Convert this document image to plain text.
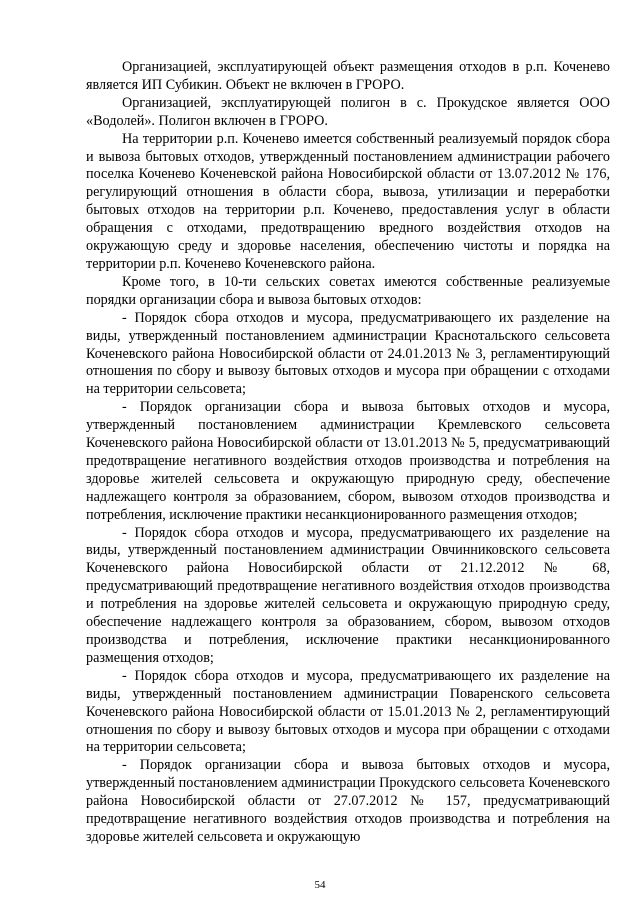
Организацией, эксплуатирующей объект размещения отходов в р.п. Коченево является ИП Субикин. Объект не включен в ГРОРО.

Организацией, эксплуатирующей полигон в с. Прокудское является ООО «Водолей». Полигон включен в ГРОРО.

На территории р.п. Коченево имеется собственный реализуемый порядок сбора и вывоза бытовых отходов, утвержденный постановлением администрации рабочего поселка Коченево Коченевской района Новосибирской области от 13.07.2012 № 176, регулирующий отношения в области сбора, вывоза, утилизации и переработки бытовых отходов на территории р.п. Коченево, предоставления услуг в области обращения с отходами, предотвращению вредного воздействия отходов на окружающую среду и здоровье населения, обеспечению чистоты и порядка на территории р.п. Коченево Коченевского района.

Кроме того, в 10-ти сельских советах имеются собственные реализуемые порядки организации сбора и вывоза бытовых отходов:

- Порядок сбора отходов и мусора, предусматривающего их разделение на виды, утвержденный постановлением администрации Краснотальского сельсовета Коченевского района Новосибирской области от 24.01.2013 № 3, регламентирующий отношения по сбору и вывозу бытовых отходов и мусора при обращении с отходами на территории сельсовета;

- Порядок организации сбора и вывоза бытовых отходов и мусора, утвержденный постановлением администрации Кремлевского сельсовета Коченевского района Новосибирской области от 13.01.2013 № 5, предусматривающий предотвращение негативного воздействия отходов производства и потребления на здоровье жителей сельсовета и окружающую природную среду, обеспечение надлежащего контроля за образованием, сбором, вывозом отходов производства и потребления, исключение практики несанкционированного размещения отходов;

- Порядок сбора отходов и мусора, предусматривающего их разделение на виды, утвержденный постановлением администрации Овчинниковского сельсовета Коченевского района Новосибирской области от 21.12.2012 № 68, предусматривающий предотвращение негативного воздействия отходов производства и потребления на здоровье жителей сельсовета и окружающую природную среду, обеспечение надлежащего контроля за образованием, сбором, вывозом отходов производства и потребления, исключение практики несанкционированного размещения отходов;

- Порядок сбора отходов и мусора, предусматривающего их разделение на виды, утвержденный постановлением администрации Поваренского сельсовета Коченевского района Новосибирской области от 15.01.2013 № 2, регламентирующий отношения по сбору и вывозу бытовых отходов и мусора при обращении с отходами на территории сельсовета;

- Порядок организации сбора и вывоза бытовых отходов и мусора, утвержденный постановлением администрации Прокудского сельсовета Коченевского района Новосибирской области от 27.07.2012 № 157, предусматривающий предотвращение негативного воздействия отходов производства и потребления на здоровье жителей сельсовета и окружающую

54
